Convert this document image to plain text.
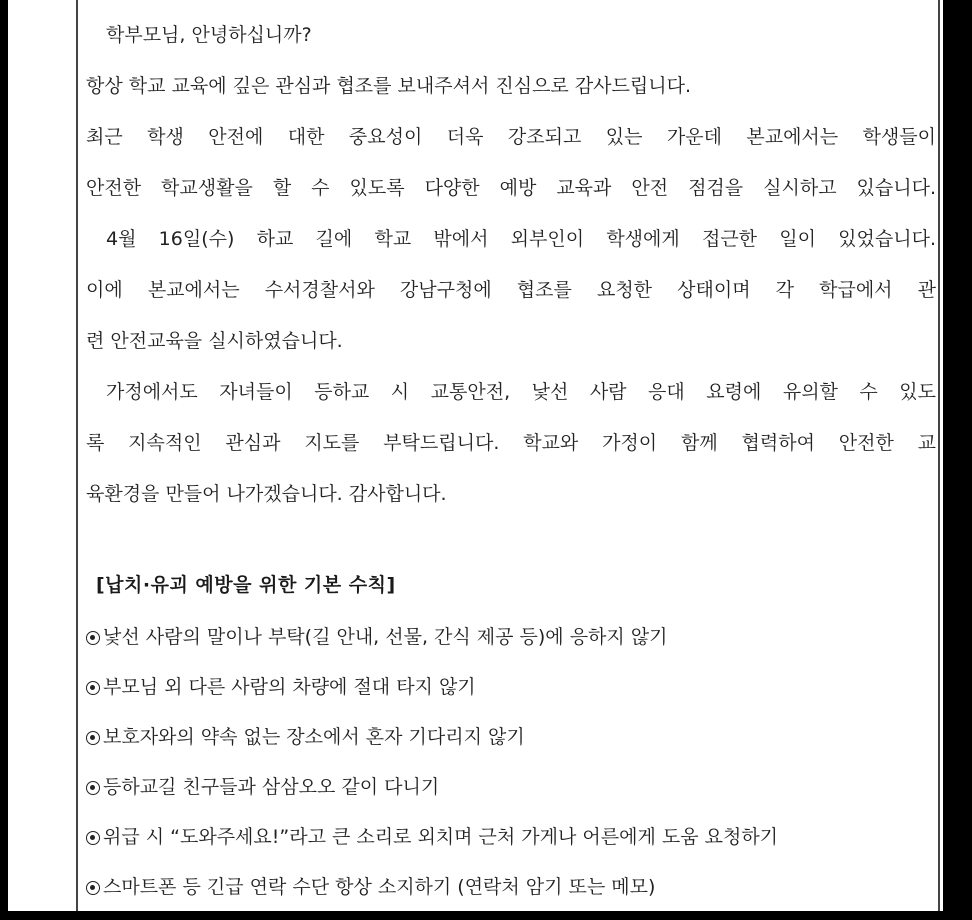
학부모님, 안녕하십니까?
항상 학교 교육에 깊은 관심과 협조를 보내주셔서 진심으로 감사드립니다.
최근 학생 안전에 대한 중요성이 더욱 강조되고 있는 가운데 본교에서는 학생들이
안전한 학교생활을 할 수 있도록 다양한 예방 교육과 안전 점검을 실시하고 있습니다.
4월 16일(수) 하교 길에 학교 밖에서 외부인이 학생에게 접근한 일이 있었습니다.
이에 본교에서는 수서경찰서와 강남구청에 협조를 요청한 상태이며 각 학급에서 관
련 안전교육을 실시하였습니다.
가정에서도 자녀들이 등하교 시 교통안전, 낯선 사람 응대 요령에 유의할 수 있도
록 지속적인 관심과 지도를 부탁드립니다. 학교와 가정이 함께 협력하여 안전한 교
육환경을 만들어 나가겠습니다. 감사합니다.
[납치·유괴 예방을 위한 기본 수칙]
낯선 사람의 말이나 부탁(길 안내, 선물, 간식 제공 등)에 응하지 않기
부모님 외 다른 사람의 차량에 절대 타지 않기
보호자와의 약속 없는 장소에서 혼자 기다리지 않기
등하교길 친구들과 삼삼오오 같이 다니기
위급 시 “도와주세요!”라고 큰 소리로 외치며 근처 가게나 어른에게 도움 요청하기
스마트폰 등 긴급 연락 수단 항상 소지하기 (연락처 암기 또는 메모)
